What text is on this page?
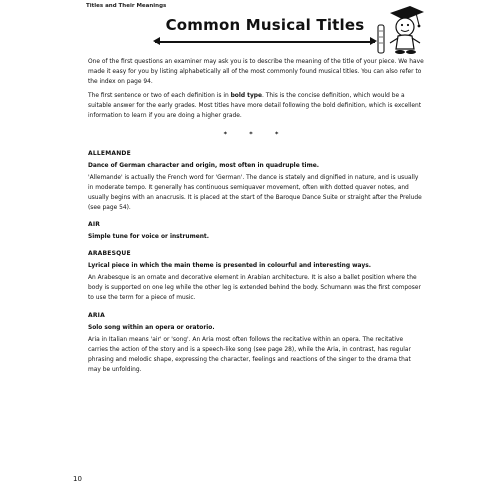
Titles and Their Meanings
Common Musical Titles

One of the first questions an examiner may ask you is to describe the meaning of the title of your piece. We have made it easy for you by listing alphabetically all of the most commonly found musical titles. You can also refer to the index on page 94.

The first sentence or two of each definition is in bold type. This is the concise definition, which would be a suitable answer for the early grades. Most titles have more detail following the bold definition, which is excellent information to learn if you are doing a higher grade.

* * *
ALLEMANDE

Dance of German character and origin, most often in quadruple time.

'Allemande' is actually the French word for 'German'. The dance is stately and dignified in nature, and is usually in moderate tempo. It generally has continuous semiquaver movement, often with dotted quaver notes, and usually begins with an anacrusis. It is placed at the start of the Baroque Dance Suite or straight after the Prelude (see page 54).

AIR

Simple tune for voice or instrument.

ARABESQUE

Lyrical piece in which the main theme is presented in colourful and interesting ways.

An Arabesque is an ornate and decorative element in Arabian architecture. It is also a ballet position where the body is supported on one leg while the other leg is extended behind the body. Schumann was the first composer to use the term for a piece of music.

ARIA

Solo song within an opera or oratorio.

Aria in Italian means 'air' or 'song'. An Aria most often follows the recitative within an opera. The recitative carries the action of the story and is a speech-like song (see page 28), while the Aria, in contrast, has regular phrasing and melodic shape, expressing the character, feelings and reactions of the singer to the drama that may be unfolding.

10
